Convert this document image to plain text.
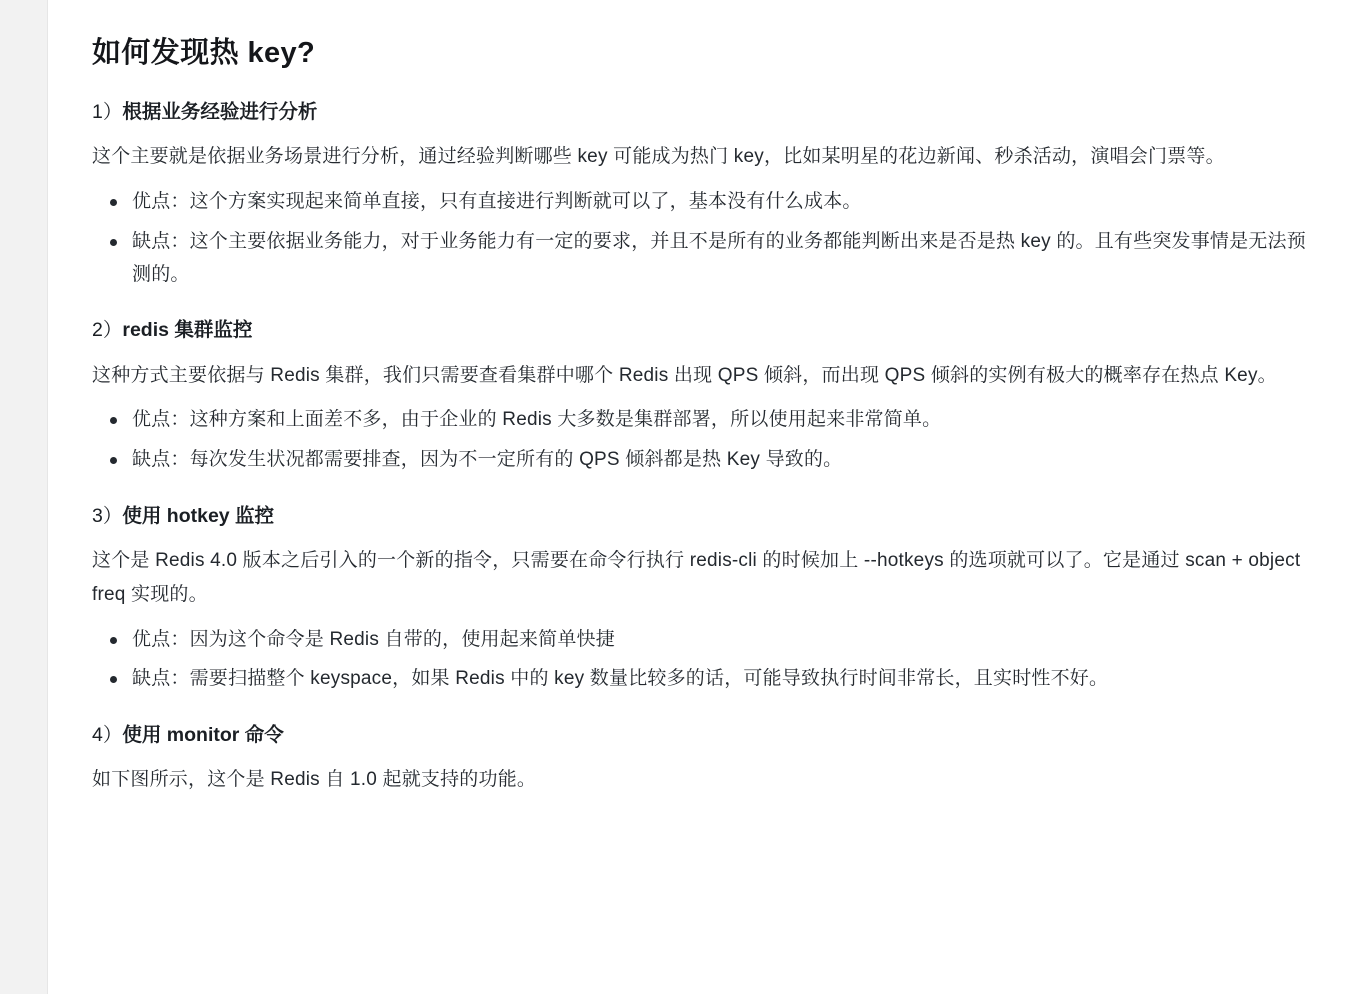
如何发现热 key?
1）根据业务经验进行分析

这个主要就是依据业务场景进行分析，通过经验判断哪些 key 可能成为热门 key，比如某明星的花边新闻、秒杀活动，演唱会门票等。

优点：这个方案实现起来简单直接，只有直接进行判断就可以了，基本没有什么成本。
缺点：这个主要依据业务能力，对于业务能力有一定的要求，并且不是所有的业务都能判断出来是否是热 key 的。且有些突发事情是无法预测的。
2）redis 集群监控

这种方式主要依据与 Redis 集群，我们只需要查看集群中哪个 Redis 出现 QPS 倾斜，而出现 QPS 倾斜的实例有极大的概率存在热点 Key。

优点：这种方案和上面差不多，由于企业的 Redis 大多数是集群部署，所以使用起来非常简单。
缺点：每次发生状况都需要排查，因为不一定所有的 QPS 倾斜都是热 Key 导致的。
3）使用 hotkey 监控

这个是 Redis 4.0 版本之后引入的一个新的指令，只需要在命令行执行 redis-cli 的时候加上 --hotkeys 的选项就可以了。它是通过 scan + object freq 实现的。

优点：因为这个命令是 Redis 自带的，使用起来简单快捷
缺点：需要扫描整个 keyspace，如果 Redis 中的 key 数量比较多的话，可能导致执行时间非常长，且实时性不好。
4）使用 monitor 命令

如下图所示，这个是 Redis 自 1.0 起就支持的功能。
